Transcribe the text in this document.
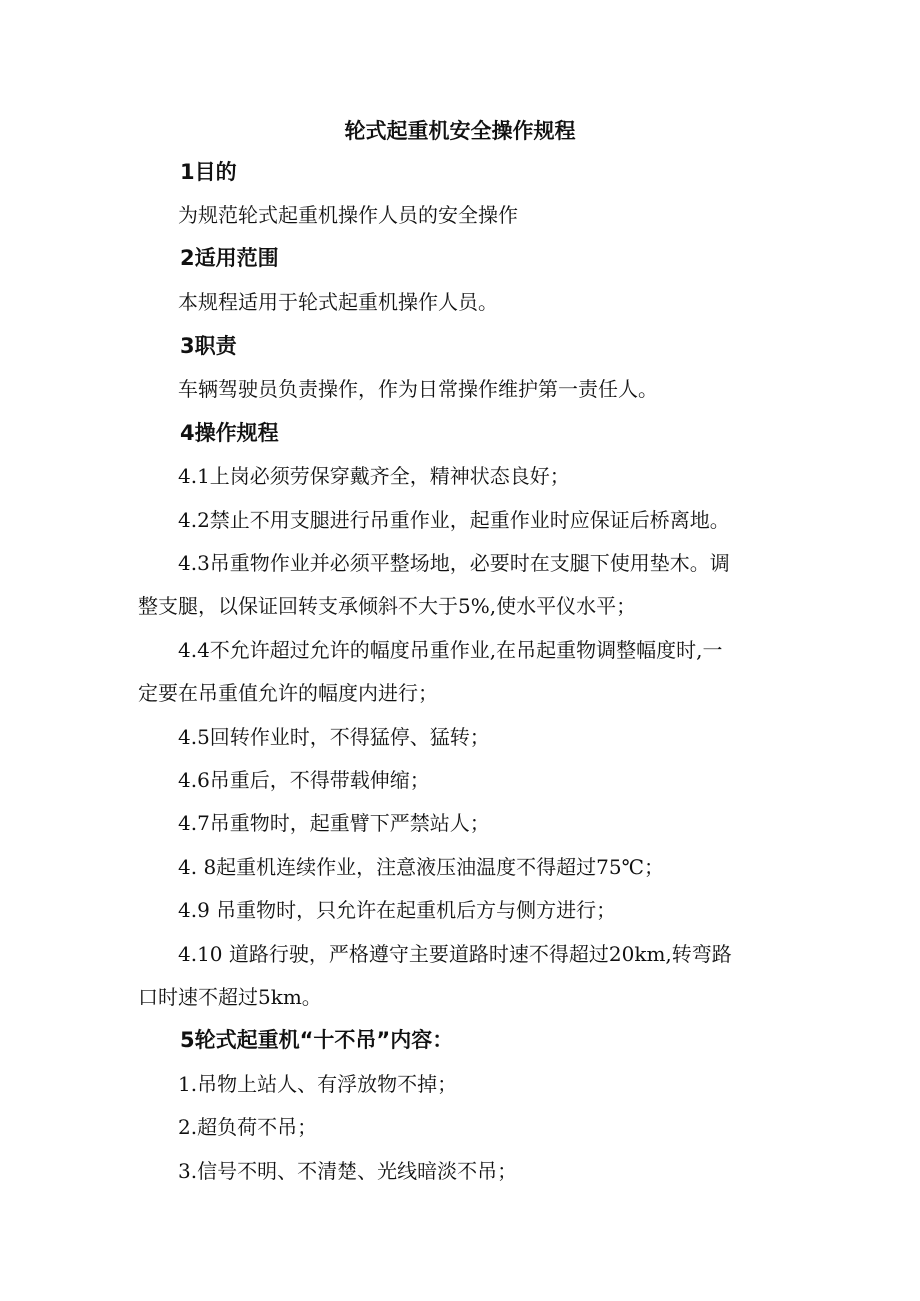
轮式起重机安全操作规程
1目的
为规范轮式起重机操作人员的安全操作
2适用范围
本规程适用于轮式起重机操作人员。
3职责
车辆驾驶员负责操作，作为日常操作维护第一责任人。
4操作规程
4.1上岗必须劳保穿戴齐全，精神状态良好；
4.2禁止不用支腿进行吊重作业，起重作业时应保证后桥离地。
4.3吊重物作业并必须平整场地，必要时在支腿下使用垫木。调
整支腿，以保证回转支承倾斜不大于5%,使水平仪水平；
4.4不允许超过允许的幅度吊重作业,在吊起重物调整幅度时,一
定要在吊重值允许的幅度内进行；
4.5回转作业时，不得猛停、猛转；
4.6吊重后，不得带载伸缩；
4.7吊重物时，起重臂下严禁站人；
4. 8起重机连续作业，注意液压油温度不得超过75℃；
4.9 吊重物时，只允许在起重机后方与侧方进行；
4.10 道路行驶，严格遵守主要道路时速不得超过20km,转弯路
口时速不超过5km。
5轮式起重机“十不吊”内容：
1.吊物上站人、有浮放物不掉；
2.超负荷不吊；
3.信号不明、不清楚、光线暗淡不吊；
